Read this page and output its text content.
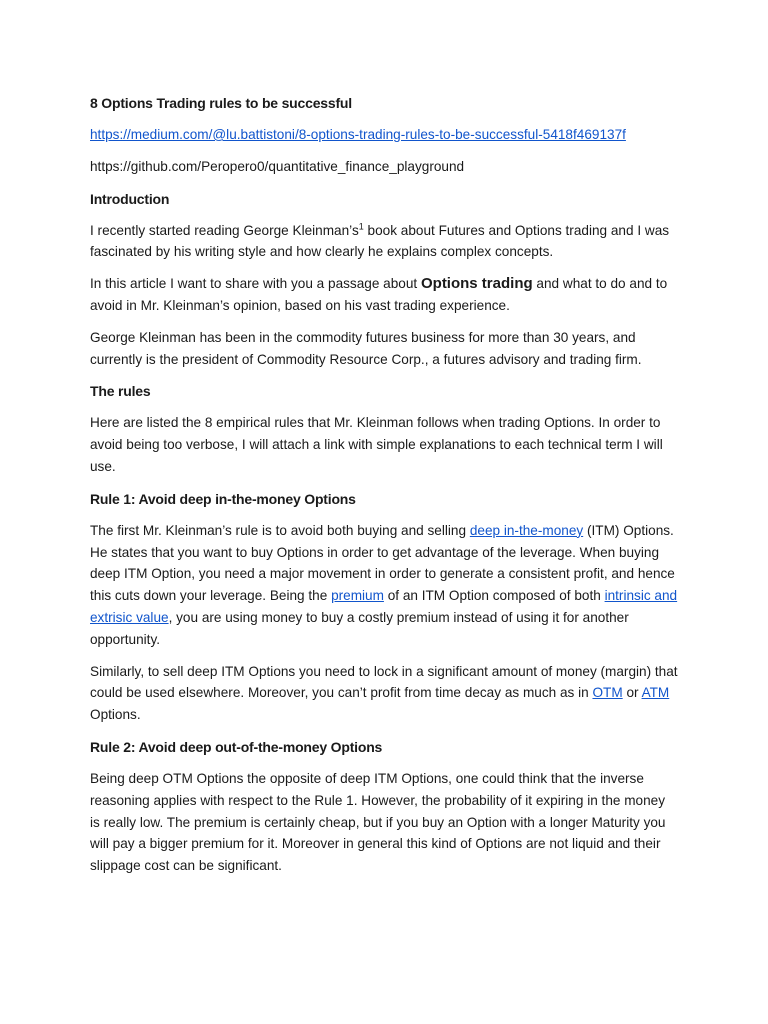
8 Options Trading rules to be successful

https://medium.com/@lu.battistoni/8-options-trading-rules-to-be-successful-5418f469137f

https://github.com/Peropero0/quantitative_finance_playground

Introduction

I recently started reading George $Kleinman’s^1$ book about Futures and Options trading and I was fascinated by his writing style and how clearly he explains complex concepts.

In this article I want to share with you a passage about Options trading and what to do and to avoid in Mr. Kleinman’s opinion, based on his vast trading experience.

George Kleinman has been in the commodity futures business for more than 30 years, and currently is the president of Commodity Resource Corp., a futures advisory and trading firm.

The rules

Here are listed the 8 empirical rules that Mr. Kleinman follows when trading Options. In order to avoid being too verbose, I will attach a link with simple explanations to each technical term I will use.

Rule 1: Avoid deep in-the-money Options

The first Mr. Kleinman’s rule is to avoid both buying and selling deep in-the-money (ITM) Options. He states that you want to buy Options in order to get advantage of the leverage. When buying deep ITM Option, you need a major movement in order to generate a consistent profit, and hence this cuts down your leverage. Being the premium of an ITM Option composed of both intrinsic and extrisic value, you are using money to buy a costly premium instead of using it for another opportunity.

Similarly, to sell deep ITM Options you need to lock in a significant amount of money (margin) that could be used elsewhere. Moreover, you can’t profit from time decay as much as in OTM or ATM Options.

Rule 2: Avoid deep out-of-the-money Options

Being deep OTM Options the opposite of deep ITM Options, one could think that the inverse reasoning applies with respect to the Rule 1. However, the probability of it expiring in the money is really low. The premium is certainly cheap, but if you buy an Option with a longer Maturity you will pay a bigger premium for it. Moreover in general this kind of Options are not liquid and their slippage cost can be significant.
